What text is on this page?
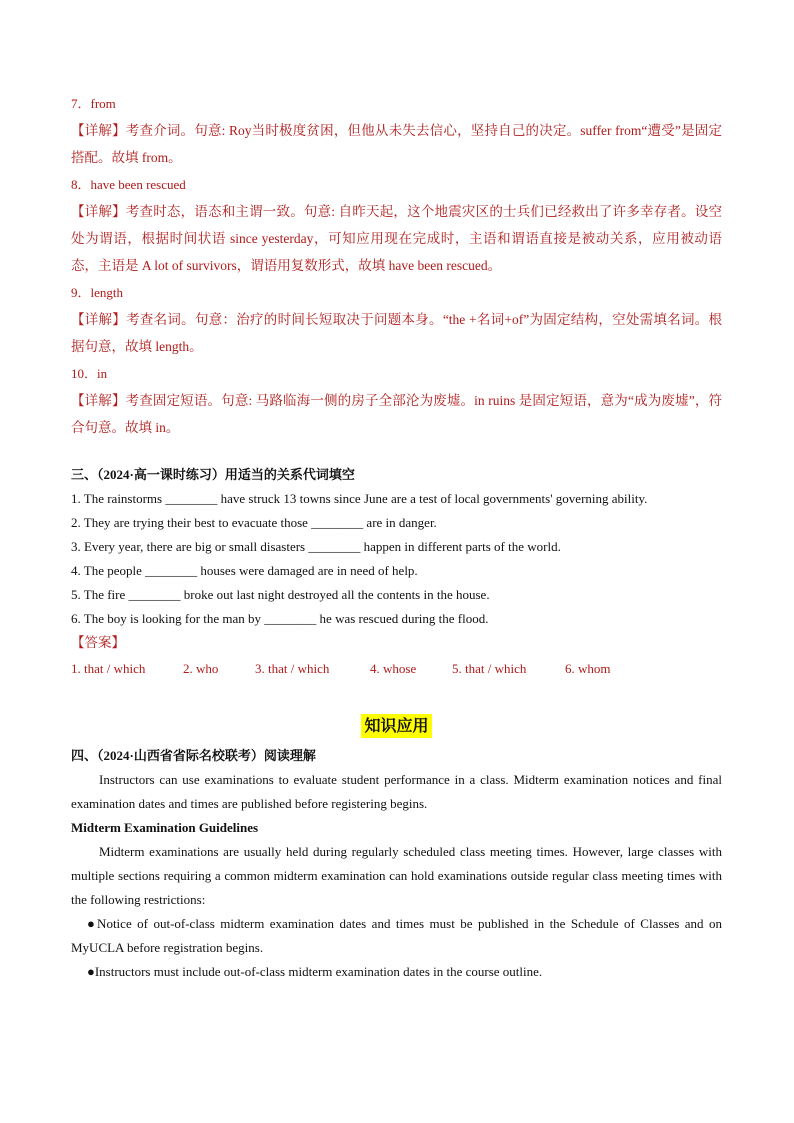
7．from

【详解】考查介词。句意: Roy当时极度贫困，但他从未失去信心，坚持自己的决定。suffer from“遭受”是固定搭配。故填 from。

8．have been rescued

【详解】考查时态，语态和主谓一致。句意: 自昨天起，这个地震灾区的士兵们已经救出了许多幸存者。设空处为谓语，根据时间状语 since yesterday，可知应用现在完成时，主语和谓语直接是被动关系，应用被动语态，主语是 A lot of survivors，谓语用复数形式，故填 have been rescued。

9．length

【详解】考查名词。句意：治疗的时间长短取决于问题本身。“the +名词+of”为固定结构，空处需填名词。根据句意，故填 length。

10．in

【详解】考查固定短语。句意: 马路临海一侧的房子全部沦为废墟。in ruins 是固定短语，意为“成为废墟”，符合句意。故填 in。

三、（2024·高一课时练习）用适当的关系代词填空

1. The rainstorms ________ have struck 13 towns since June are a test of local governments' governing ability.

2. They are trying their best to evacuate those ________ are in danger.

3. Every year, there are big or small disasters ________ happen in different parts of the world.

4. The people ________ houses were damaged are in need of help.

5. The fire ________ broke out last night destroyed all the contents in the house.

6. The boy is looking for the man by ________ he was rescued during the flood.

【答案】

1. that / which	2. who	3. that / which	4. whose	5. that / which	6. whom
知识应用

四、（2024·山西省省际名校联考）阅读理解

Instructors can use examinations to evaluate student performance in a class. Midterm examination notices and final examination dates and times are published before registering begins.

Midterm Examination Guidelines

Midterm examinations are usually held during regularly scheduled class meeting times. However, large classes with multiple sections requiring a common midterm examination can hold examinations outside regular class meeting times with the following restrictions:

●Notice of out-of-class midterm examination dates and times must be published in the Schedule of Classes and on MyUCLA before registration begins.

●Instructors must include out-of-class midterm examination dates in the course outline.
